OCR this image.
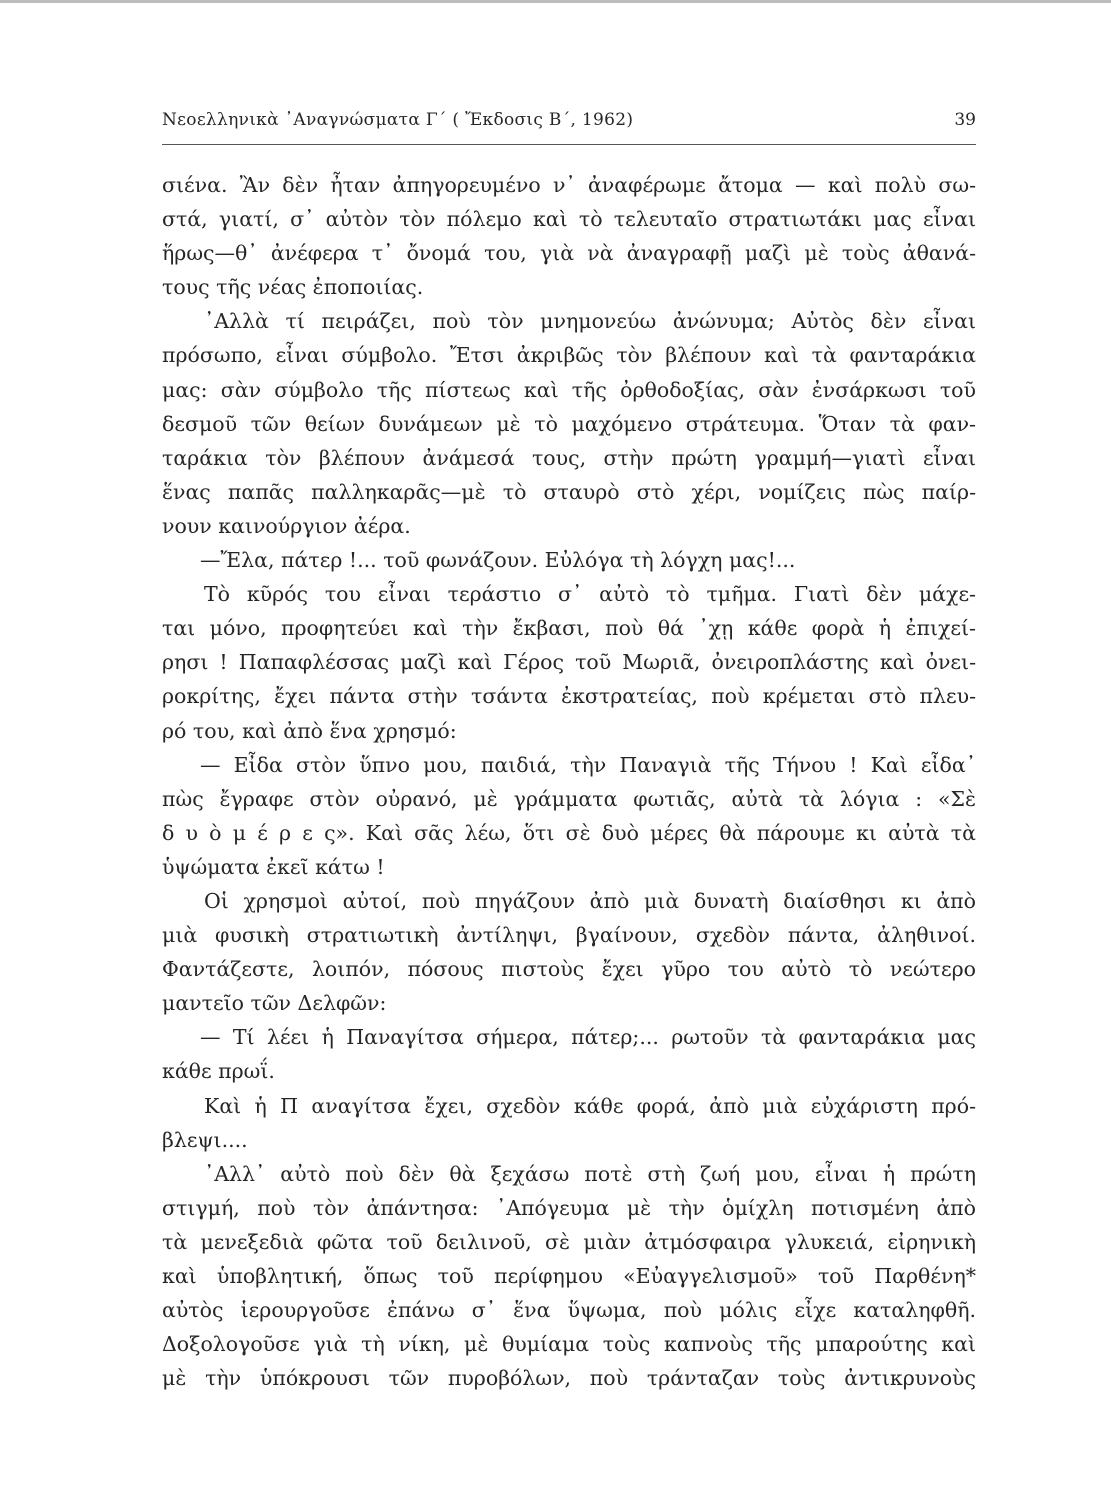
Νεοελληνικὰ ᾿Αναγνώσματα Γ΄ ( Ἔκδοσις Β΄, 1962)	39
σιένα. Ἂν δὲν ἦταν ἀπηγορευμένο ν᾿ ἀναφέρωμε ἄτομα — καὶ πολὺ σω-
στά, γιατί, σ᾿ αὐτὸν τὸν πόλεμο καὶ τὸ τελευταῖο στρατιωτάκι μας εἶναι
ἥρως—θ᾿ ἀνέφερα τ᾿ ὄνομά του, γιὰ νὰ ἀναγραφῇ μαζὶ μὲ τοὺς ἀθανά-
τους τῆς νέας ἐποποιίας.
᾿Αλλὰ τί πειράζει, ποὺ τὸν μνημονεύω ἀνώνυμα; Αὐτὸς δὲν εἶναι
πρόσωπο, εἶναι σύμβολο. Ἔτσι ἀκριβῶς τὸν βλέπουν καὶ τὰ φανταράκια
μας: σὰν σύμβολο τῆς πίστεως καὶ τῆς ὀρθοδοξίας, σὰν ἐνσάρκωσι τοῦ
δεσμοῦ τῶν θείων δυνάμεων μὲ τὸ μαχόμενο στράτευμα. Ὅταν τὰ φαν-
ταράκια τὸν βλέπουν ἀνάμεσά τους, στὴν πρώτη γραμμή—γιατὶ εἶναι
ἕνας παπᾶς παλληκαρᾶς—μὲ τὸ σταυρὸ στὸ χέρι, νομίζεις πὼς παίρ-
νουν καινούργιον ἀέρα.
—Ἔλα, πάτερ !... τοῦ φωνάζουν. Εὐλόγα τὴ λόγχη μας!...
Τὸ κῦρός του εἶναι τεράστιο σ᾿ αὐτὸ τὸ τμῆμα. Γιατὶ δὲν μάχε-
ται μόνο, προφητεύει καὶ τὴν ἔκβασι, ποὺ θά ᾿χῃ κάθε φορὰ ἡ ἐπιχεί-
ρησι ! Παπαφλέσσας μαζὶ καὶ Γέρος τοῦ Μωριᾶ, ὀνειροπλάστης καὶ ὀνει-
ροκρίτης, ἔχει πάντα στὴν τσάντα ἐκστρατείας, ποὺ κρέμεται στὸ πλευ-
ρό του, καὶ ἀπὸ ἕνα χρησμό:
— Εἶδα στὸν ὕπνο μου, παιδιά, τὴν Παναγιὰ τῆς Τήνου ! Καὶ εἶδα᾿
πὼς ἔγραφε στὸν οὐρανό, μὲ γράμματα φωτιᾶς, αὐτὰ τὰ λόγια : «Σὲ
δ υ ὸ μ έ ρ ε ς». Καὶ σᾶς λέω, ὅτι σὲ δυὸ μέρες θὰ πάρουμε κι αὐτὰ τὰ
ὑψώματα ἐκεῖ κάτω !
Οἱ χρησμοὶ αὐτοί, ποὺ πηγάζουν ἀπὸ μιὰ δυνατὴ διαίσθησι κι ἀπὸ
μιὰ φυσικὴ στρατιωτικὴ ἀντίληψι, βγαίνουν, σχεδὸν πάντα, ἀληθινοί.
Φαντάζεστε, λοιπόν, πόσους πιστοὺς ἔχει γῦρο του αὐτὸ τὸ νεώτερο
μαντεῖο τῶν Δελφῶν:
— Τί λέει ἡ Παναγίτσα σήμερα, πάτερ;... ρωτοῦν τὰ φανταράκια μας
κάθε πρωΐ.
Καὶ ἡ Π αναγίτσα ἔχει, σχεδὸν κάθε φορά, ἀπὸ μιὰ εὐχάριστη πρό-
βλεψι....
᾿Αλλ᾿ αὐτὸ ποὺ δὲν θὰ ξεχάσω ποτὲ στὴ ζωή μου, εἶναι ἡ πρώτη
στιγμή, ποὺ τὸν ἀπάντησα: ᾿Απόγευμα μὲ τὴν ὁμίχλη ποτισμένη ἀπὸ
τὰ μενεξεδιὰ φῶτα τοῦ δειλινοῦ, σὲ μιὰν ἀτμόσφαιρα γλυκειά, εἰρηνικὴ
καὶ ὑποβλητική, ὅπως τοῦ περίφημου «Εὐαγγελισμοῦ» τοῦ Παρθένη*
αὐτὸς ἱερουργοῦσε ἐπάνω σ᾿ ἕνα ὕψωμα, ποὺ μόλις εἶχε καταληφθῆ.
Δοξολογοῦσε γιὰ τὴ νίκη, μὲ θυμίαμα τοὺς καπνοὺς τῆς μπαρούτης καὶ
μὲ τὴν ὑπόκρουσι τῶν πυροβόλων, ποὺ τράνταζαν τοὺς ἀντικρυνοὺς
